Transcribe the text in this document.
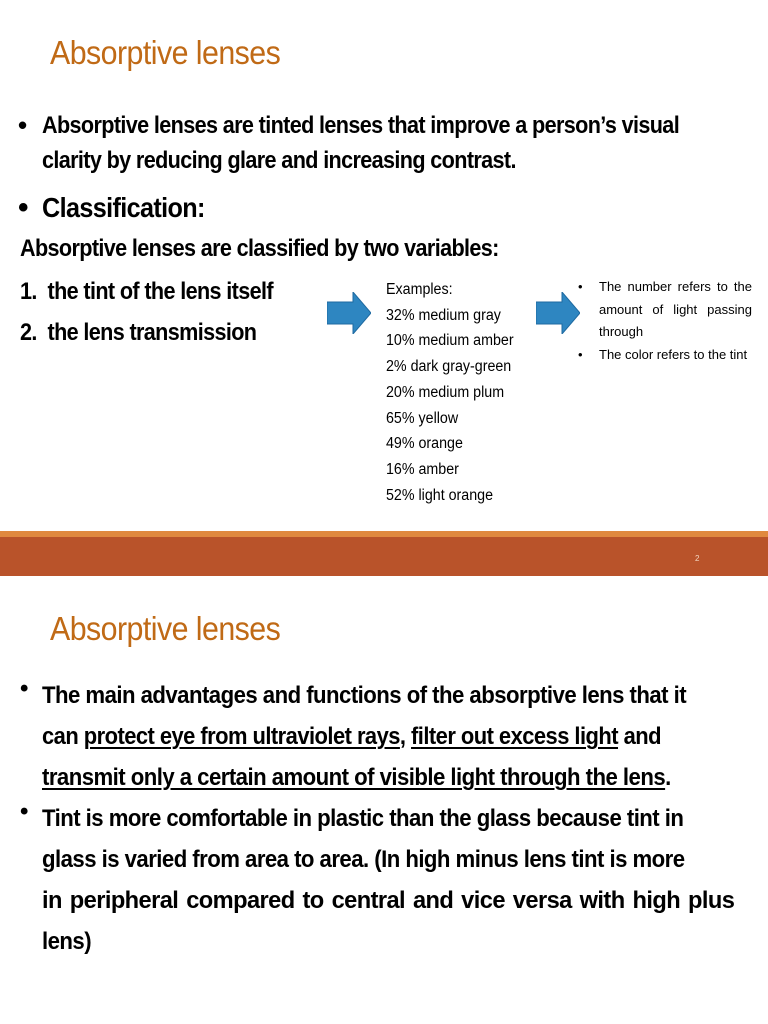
Absorptive lenses
• Absorptive lenses are tinted lenses that improve a person’s visual
clarity by reducing glare and increasing contrast.
• Classification:
Absorptive lenses are classified by two variables:
1. the tint of the lens itself
2. the lens transmission
Examples:
32% medium gray
10% medium amber
2% dark gray-green
20% medium plum
65% yellow
49% orange
16% amber
52% light orange
• The number refers to the amount of light passing through
• The color refers to the tint
2
Absorptive lenses
• The main advantages and functions of the absorptive lens that it
can protect eye from ultraviolet rays, filter out excess light and
transmit only a certain amount of visible light through the lens.
• Tint is more comfortable in plastic than the glass because tint in
glass is varied from area to area. (In high minus lens tint is more
in peripheral compared to central and vice versa with high plus
lens)
